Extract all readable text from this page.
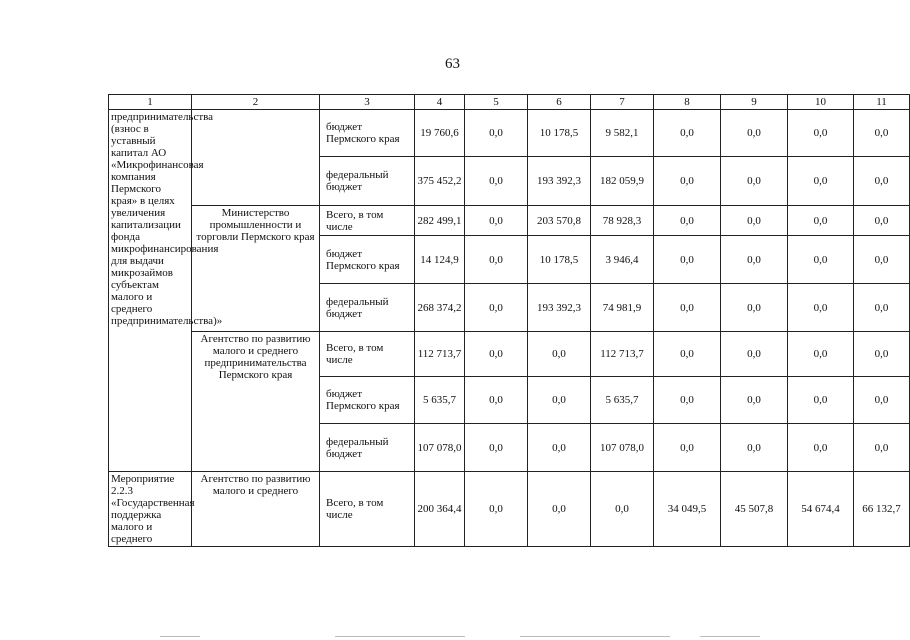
63
1	2	3	4	5	6	7	8	9	10	11
предпринимательства (взнос в уставный капитал АО «Микрофинансовая компания Пермского края» в целях увеличения капитализации фонда микрофинансирования для выдачи микрозаймов субъектам малого и среднего предпринимательства)»		бюджет Пермского края	19 760,6	0,0	10 178,5	9 582,1	0,0	0,0	0,0	0,0
		федеральный бюджет	375 452,2	0,0	193 392,3	182 059,9	0,0	0,0	0,0	0,0
	Министерство промышленности и торговли Пермского края	Всего, в том числе	282 499,1	0,0	203 570,8	78 928,3	0,0	0,0	0,0	0,0
		бюджет Пермского края	14 124,9	0,0	10 178,5	3 946,4	0,0	0,0	0,0	0,0
		федеральный бюджет	268 374,2	0,0	193 392,3	74 981,9	0,0	0,0	0,0	0,0
	Агентство по развитию малого и среднего предпринимательства Пермского края	Всего, в том числе	112 713,7	0,0	0,0	112 713,7	0,0	0,0	0,0	0,0
		бюджет Пермского края	5 635,7	0,0	0,0	5 635,7	0,0	0,0	0,0	0,0
		федеральный бюджет	107 078,0	0,0	0,0	107 078,0	0,0	0,0	0,0	0,0
Мероприятие 2.2.3 «Государственная поддержка малого и среднего	Агентство по развитию малого и среднего	Всего, в том числе	200 364,4	0,0	0,0	0,0	34 049,5	45 507,8	54 674,4	66 132,7
